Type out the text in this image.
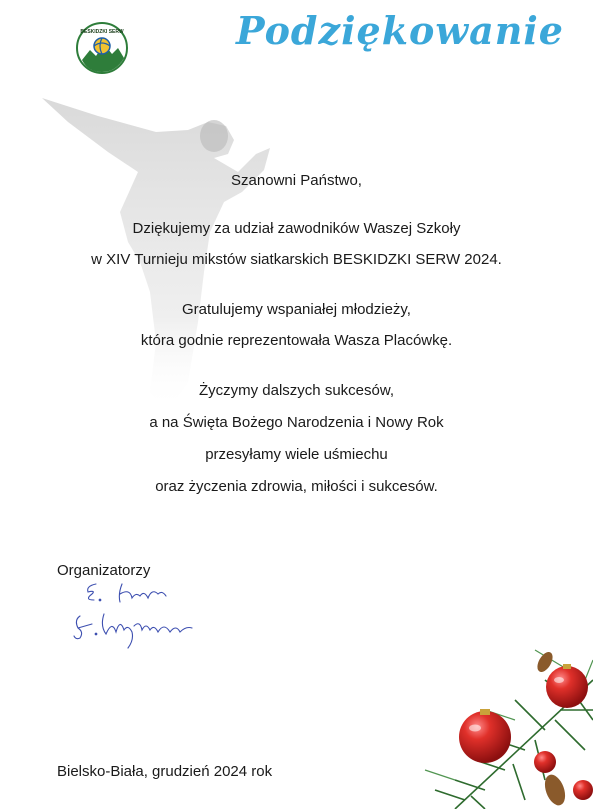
BESKIDZKI SERW	Podziękowanie
Szanowni Państwo,
Dziękujemy za udział zawodników Waszej Szkoły
w XIV Turnieju mikstów siatkarskich BESKIDZKI SERW 2024.
Gratulujemy wspaniałej młodzieży,
która godnie reprezentowała Wasza Placówkę.
Życzymy dalszych sukcesów,
a na Święta Bożego Narodzenia i Nowy Rok
przesyłamy wiele uśmiechu
oraz życzenia zdrowia, miłości i sukcesów.
Organizatorzy
Bielsko-Biała, grudzień 2024 rok
